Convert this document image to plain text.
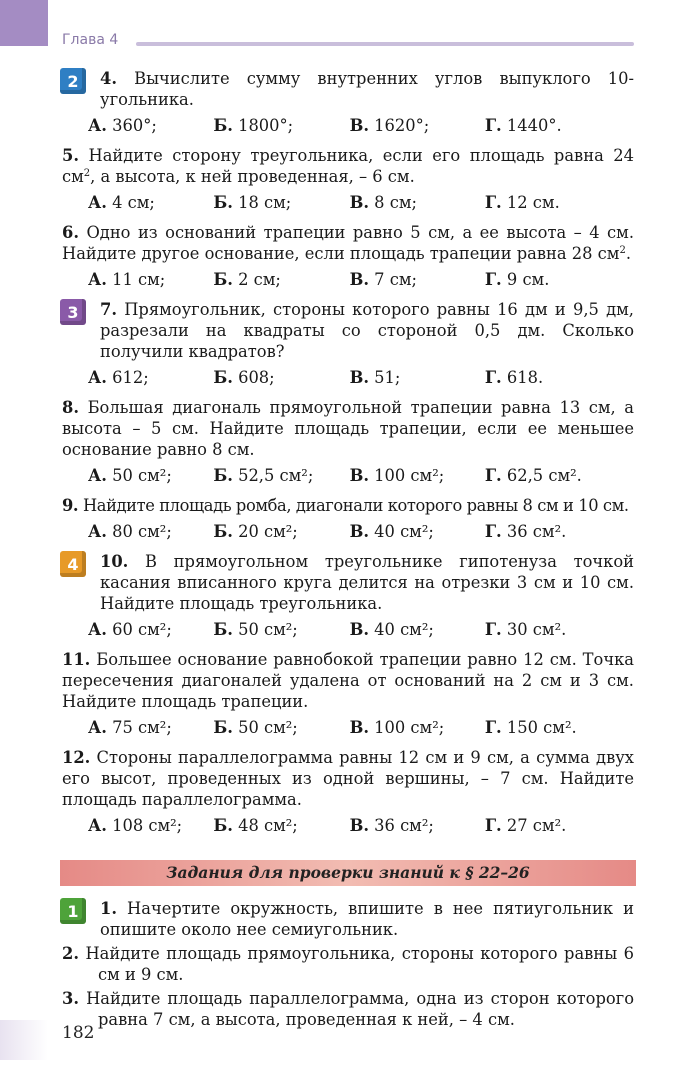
Глава 4
2	4. Вычислите сумму внутренних углов выпуклого 10-угольника.

А. 360°;	Б. 1800°;	В. 1620°;	Г. 1440°.

5. Найдите сторону треугольника, если его площадь равна 24 $см^2$, а высота, к ней проведенная, – 6 см.

А. 4 см;	Б. 18 см;	В. 8 см;	Г. 12 см.

6. Одно из оснований трапеции равно 5 см, а ее высота – 4 см. Найдите другое основание, если площадь трапеции равна 28 $см^2$.

А. 11 см;	Б. 2 см;	В. 7 см;	Г. 9 см.
3	7. Прямоугольник, стороны которого равны 16 дм и 9,5 дм, разрезали на квадраты со стороной 0,5 дм. Сколько получили квадратов?

А. 612;	Б. 608;	В. 51;	Г. 618.

8. Большая диагональ прямоугольной трапеции равна 13 см, а высота – 5 см. Найдите площадь трапеции, если ее меньшее основание равно 8 см.

А. 50 см²;	Б. 52,5 см²;	В. 100 см²;	Г. 62,5 см².

9. Найдите площадь ромба, диагонали которого равны 8 см и 10 см.

А. 80 см²;	Б. 20 см²;	В. 40 см²;	Г. 36 см².
4	10. В прямоугольном треугольнике гипотенуза точкой касания вписанного круга делится на отрезки 3 см и 10 см. Найдите площадь треугольника.

А. 60 см²;	Б. 50 см²;	В. 40 см²;	Г. 30 см².

11. Большее основание равнобокой трапеции равно 12 см. Точка пересечения диагоналей удалена от оснований на 2 см и 3 см. Найдите площадь трапеции.

А. 75 см²;	Б. 50 см²;	В. 100 см²;	Г. 150 см².

12. Стороны параллелограмма равны 12 см и 9 см, а сумма двух его высот, проведенных из одной вершины, – 7 см. Найдите площадь параллелограмма.

А. 108 см²;	Б. 48 см²;	В. 36 см²;	Г. 27 см².
Задания для проверки знаний к § 22–26
1	1. Начертите окружность, впишите в нее пятиугольник и опишите около нее семиугольник.

2. Найдите площадь прямоугольника, стороны которого равны 6 см и 9 см.

3. Найдите площадь параллелограмма, одна из сторон которого равна 7 см, а высота, проведенная к ней, – 4 см.

182
